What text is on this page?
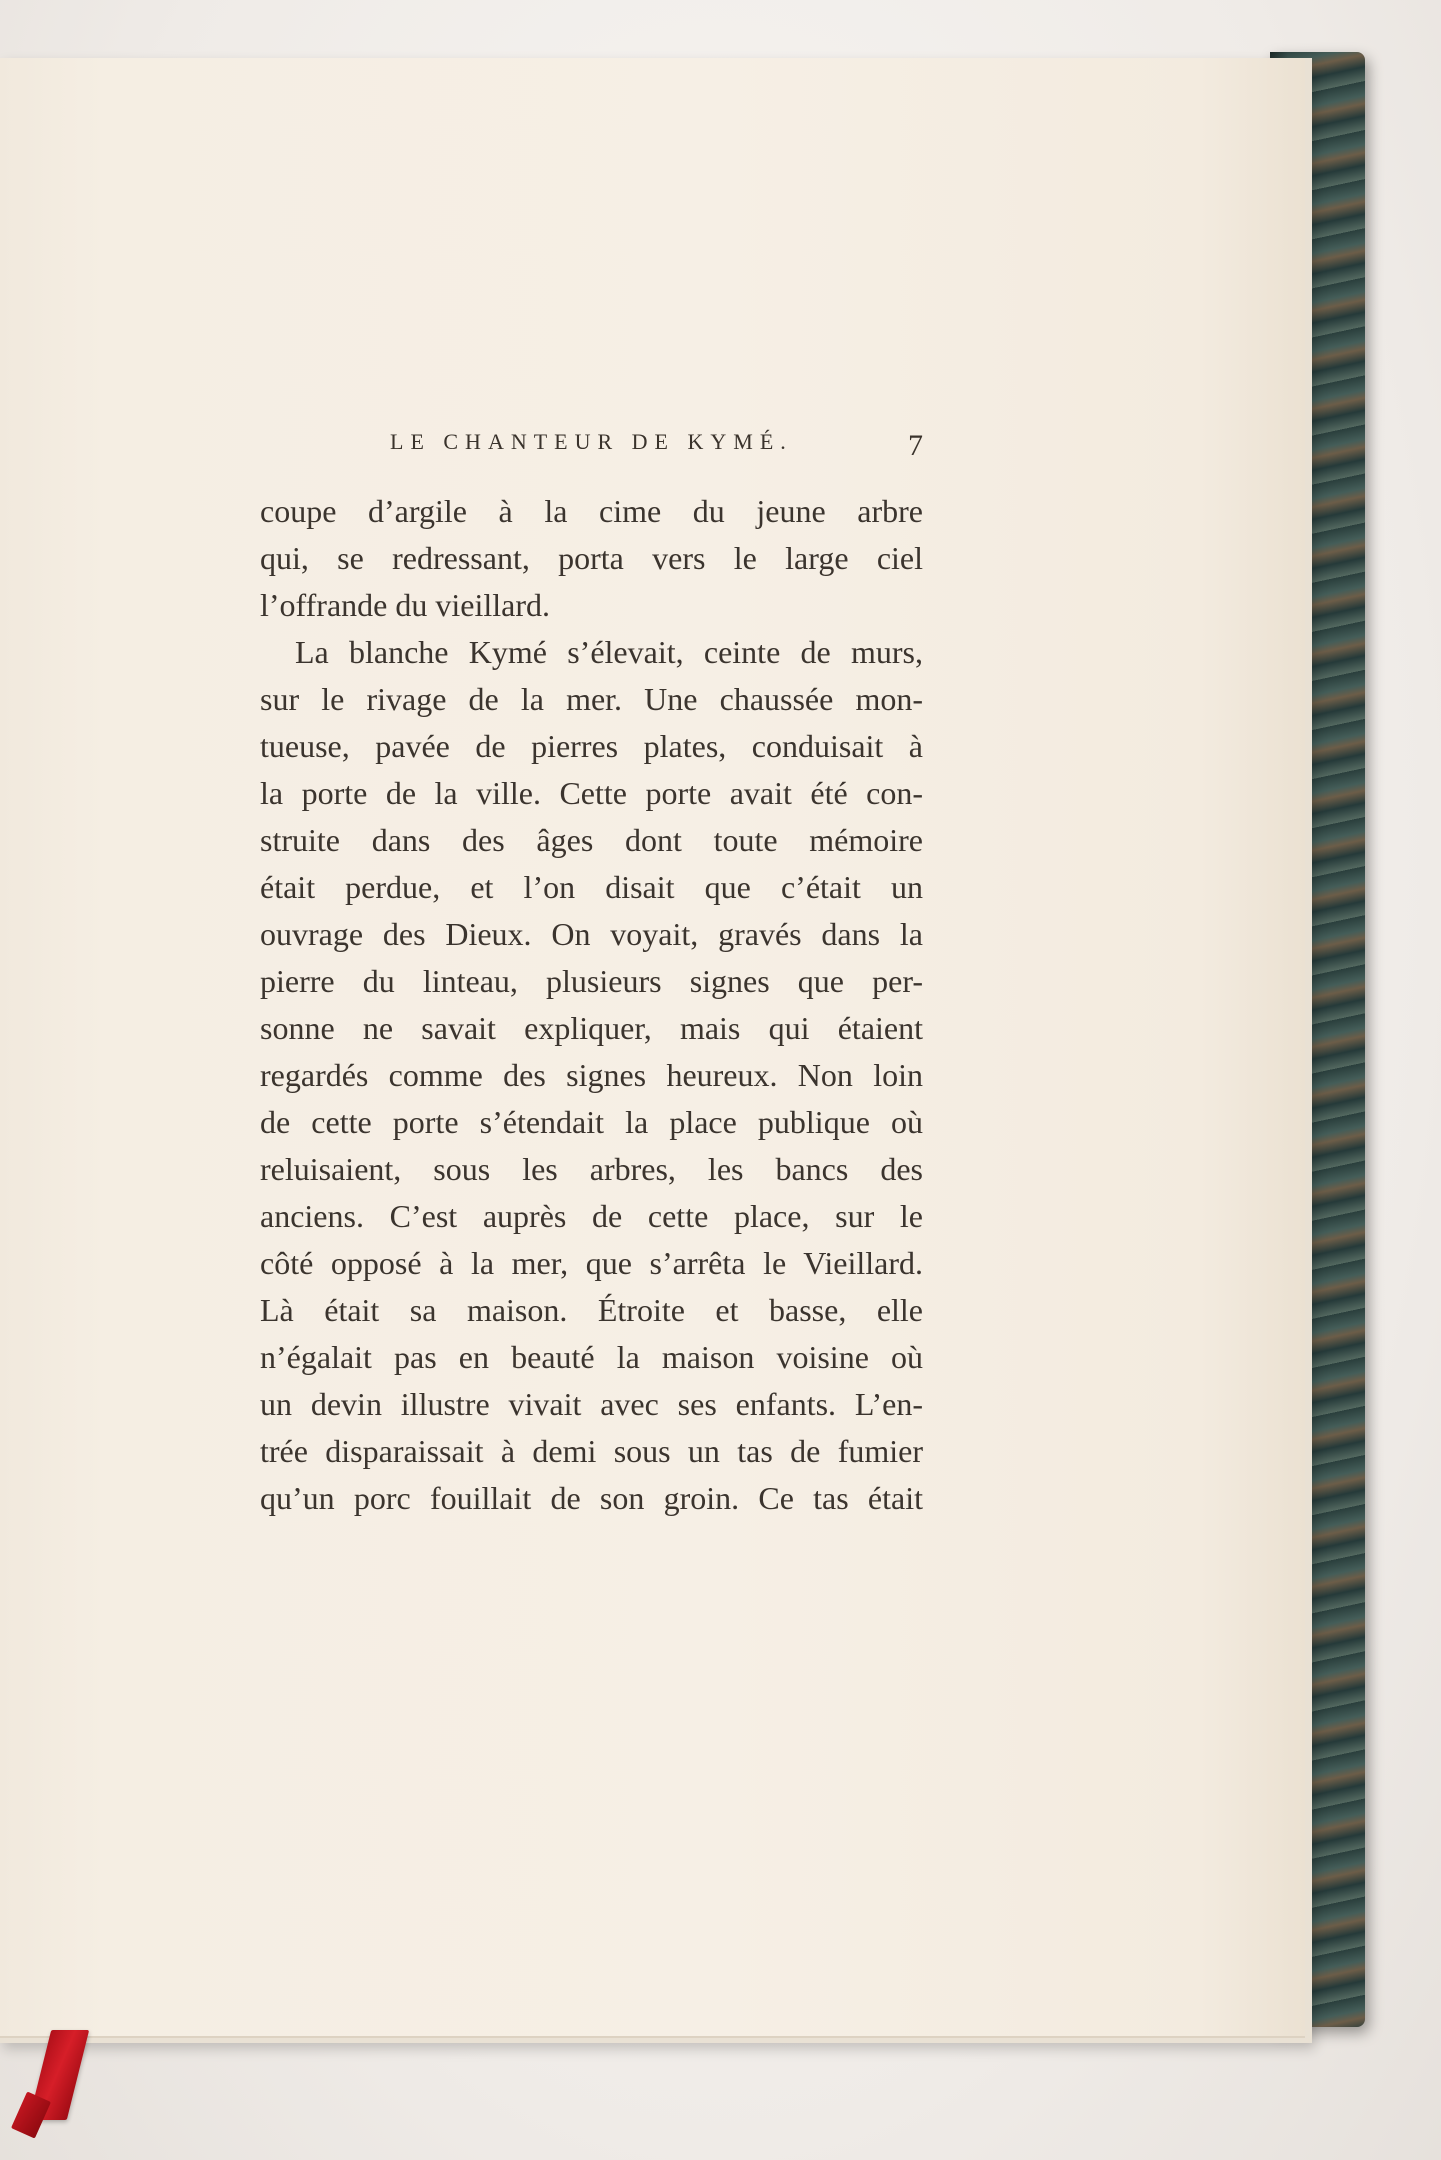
LE CHANTEUR DE KYMÉ.	7
coupe d’argile à la cime du jeune arbre
qui, se redressant, porta vers le large ciel
l’offrande du vieillard.
La blanche Kymé s’élevait, ceinte de murs,
sur le rivage de la mer. Une chaussée mon-
tueuse, pavée de pierres plates, conduisait à
la porte de la ville. Cette porte avait été con-
struite dans des âges dont toute mémoire
était perdue, et l’on disait que c’était un
ouvrage des Dieux. On voyait, gravés dans la
pierre du linteau, plusieurs signes que per-
sonne ne savait expliquer, mais qui étaient
regardés comme des signes heureux. Non loin
de cette porte s’étendait la place publique où
reluisaient, sous les arbres, les bancs des
anciens. C’est auprès de cette place, sur le
côté opposé à la mer, que s’arrêta le Vieillard.
Là était sa maison. Étroite et basse, elle
n’égalait pas en beauté la maison voisine où
un devin illustre vivait avec ses enfants. L’en-
trée disparaissait à demi sous un tas de fumier
qu’un porc fouillait de son groin. Ce tas était
